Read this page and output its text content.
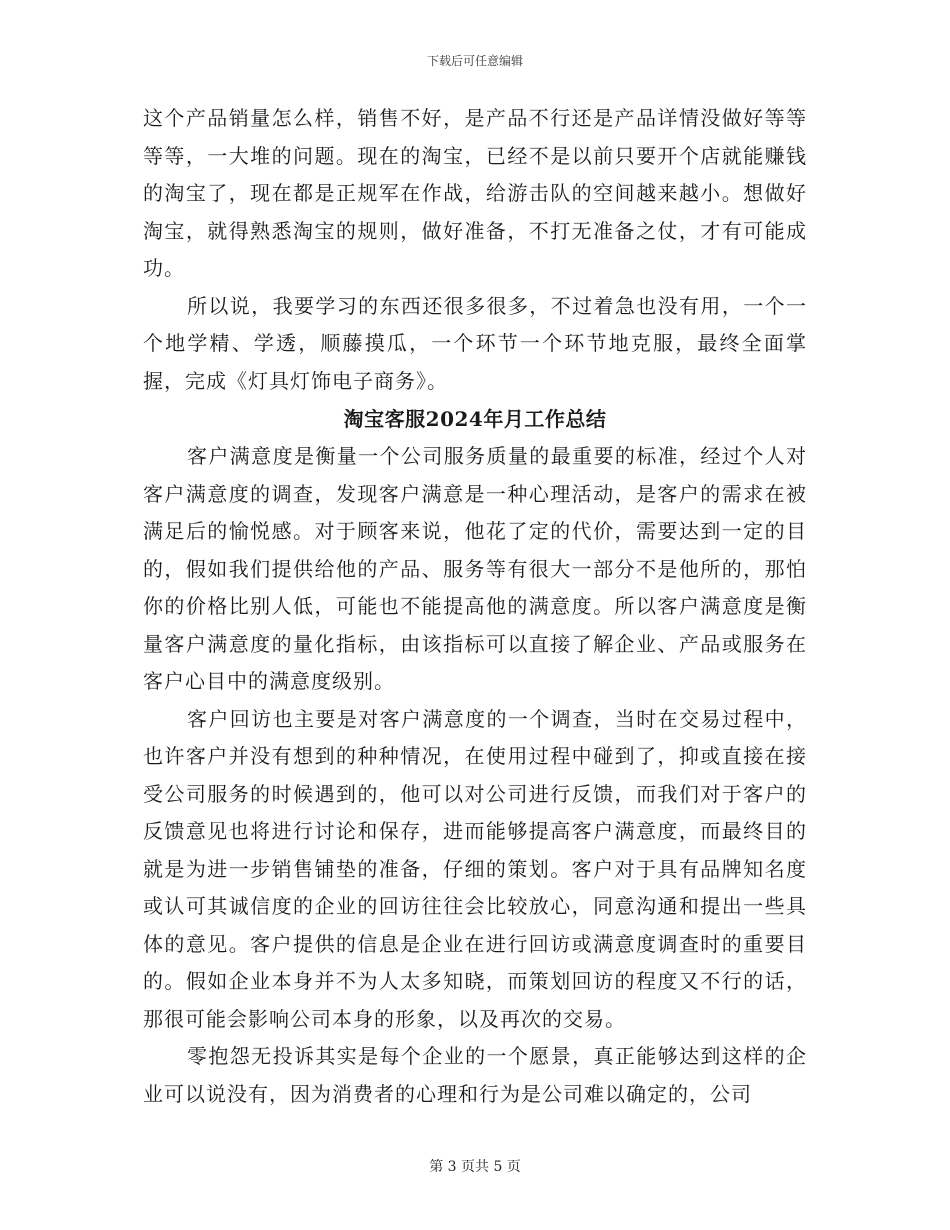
下载后可任意编辑

这个产品销量怎么样，销售不好，是产品不行还是产品详情没做好等等等等，一大堆的问题。现在的淘宝，已经不是以前只要开个店就能赚钱的淘宝了，现在都是正规军在作战，给游击队的空间越来越小。想做好淘宝，就得熟悉淘宝的规则，做好准备，不打无准备之仗，才有可能成功。

所以说，我要学习的东西还很多很多，不过着急也没有用，一个一个地学精、学透，顺藤摸瓜，一个环节一个环节地克服，最终全面掌握，完成《灯具灯饰电子商务》。

淘宝客服2024年月工作总结

客户满意度是衡量一个公司服务质量的最重要的标准，经过个人对客户满意度的调查，发现客户满意是一种心理活动，是客户的需求在被满足后的愉悦感。对于顾客来说，他花了定的代价，需要达到一定的目的，假如我们提供给他的产品、服务等有很大一部分不是他所的，那怕你的价格比别人低，可能也不能提高他的满意度。所以客户满意度是衡量客户满意度的量化指标，由该指标可以直接了解企业、产品或服务在客户心目中的满意度级别。

客户回访也主要是对客户满意度的一个调查，当时在交易过程中，也许客户并没有想到的种种情况，在使用过程中碰到了，抑或直接在接受公司服务的时候遇到的，他可以对公司进行反馈，而我们对于客户的反馈意见也将进行讨论和保存，进而能够提高客户满意度，而最终目的就是为进一步销售铺垫的准备，仔细的策划。客户对于具有品牌知名度或认可其诚信度的企业的回访往往会比较放心，同意沟通和提出一些具体的意见。客户提供的信息是企业在进行回访或满意度调查时的重要目的。假如企业本身并不为人太多知晓，而策划回访的程度又不行的话，那很可能会影响公司本身的形象，以及再次的交易。

零抱怨无投诉其实是每个企业的一个愿景，真正能够达到这样的企业可以说没有，因为消费者的心理和行为是公司难以确定的，公司

第 3 页共 5 页
